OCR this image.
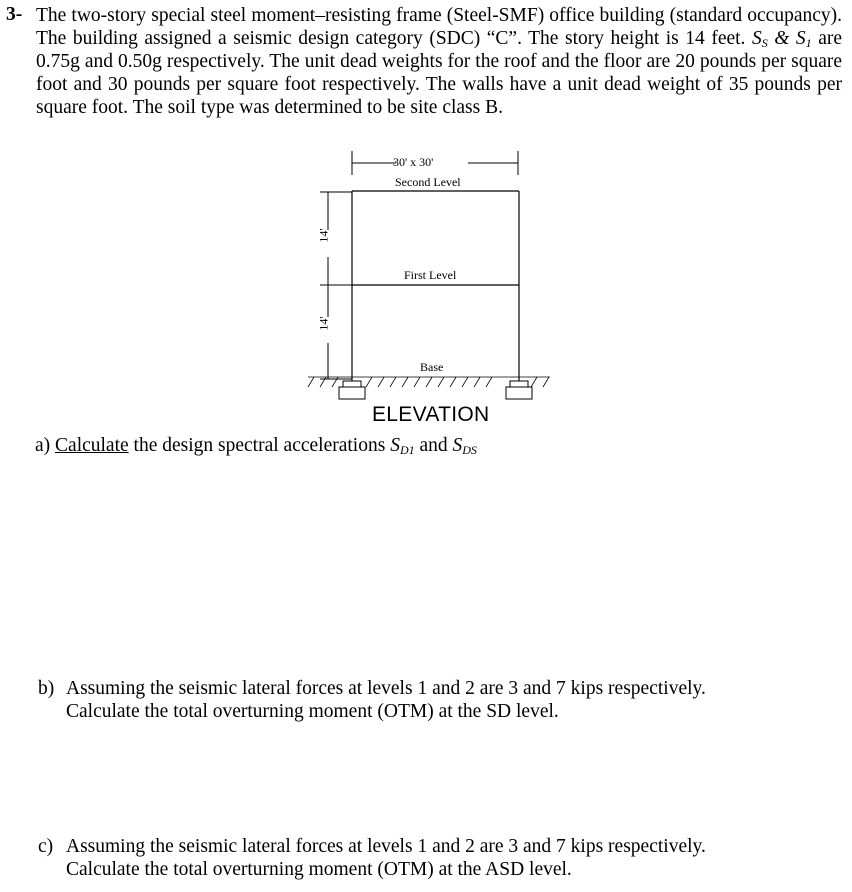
3- The two-story special steel moment–resisting frame (Steel-SMF) office building (standard occupancy). The building assigned a seismic design category (SDC) “C”. The story height is 14 feet. $S_S$ & $S_1$ are 0.75g and 0.50g respectively. The unit dead weights for the roof and the floor are 20 pounds per square foot and 30 pounds per square foot respectively. The walls have a unit dead weight of 35 pounds per square foot. The soil type was determined to be site class B.
30' x 30'
Second Level
First Level
Base
14'
14'
ELEVATION
a) Calculate the design spectral accelerations $S_{D1}$ and $S_{DS}$
b) Assuming the seismic lateral forces at levels 1 and 2 are 3 and 7 kips respectively.
Calculate the total overturning moment (OTM) at the SD level.
c) Assuming the seismic lateral forces at levels 1 and 2 are 3 and 7 kips respectively.
Calculate the total overturning moment (OTM) at the ASD level.
